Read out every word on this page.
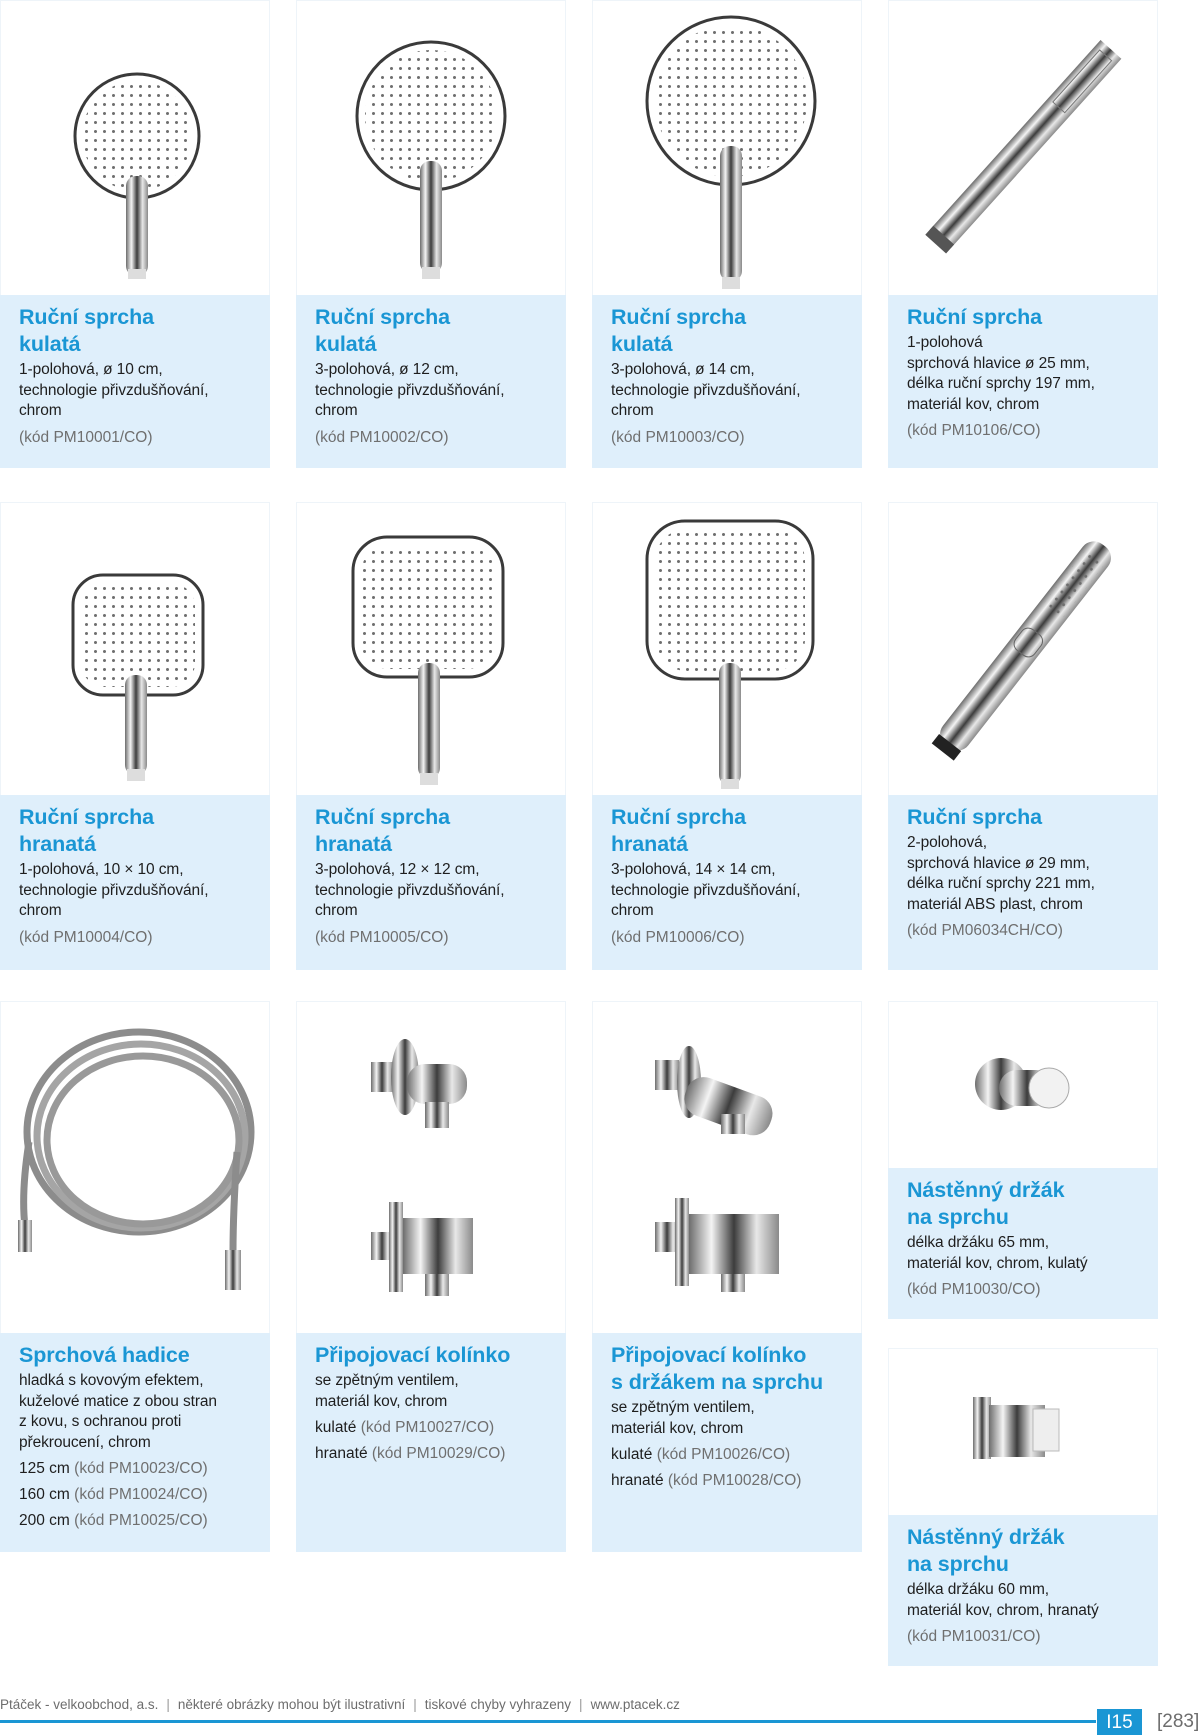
Ruční sprcha
kulatá
1-polohová, ø 10 cm,
technologie přivzdušňování,
chrom
(kód PM10001/CO)
Ruční sprcha
kulatá
3-polohová, ø 12 cm,
technologie přivzdušňování,
chrom
(kód PM10002/CO)
Ruční sprcha
kulatá
3-polohová, ø 14 cm,
technologie přivzdušňování,
chrom
(kód PM10003/CO)
Ruční sprcha
1-polohová
sprchová hlavice ø 25 mm,
délka ruční sprchy 197 mm,
materiál kov, chrom
(kód PM10106/CO)
Ruční sprcha
hranatá
1-polohová, 10 × 10 cm,
technologie přivzdušňování,
chrom
(kód PM10004/CO)
Ruční sprcha
hranatá
3-polohová, 12 × 12 cm,
technologie přivzdušňování,
chrom
(kód PM10005/CO)
Ruční sprcha
hranatá
3-polohová, 14 × 14 cm,
technologie přivzdušňování,
chrom
(kód PM10006/CO)
Ruční sprcha
2-polohová,
sprchová hlavice ø 29 mm,
délka ruční sprchy 221 mm,
materiál ABS plast, chrom
(kód PM06034CH/CO)
Sprchová hadice
hladká s kovovým efektem,
kuželové matice z obou stran
z kovu, s ochranou proti
překroucení, chrom
125 cm (kód PM10023/CO)
160 cm (kód PM10024/CO)
200 cm (kód PM10025/CO)
Připojovací kolínko
se zpětným ventilem,
materiál kov, chrom
kulaté (kód PM10027/CO)
hranaté (kód PM10029/CO)
Připojovací kolínko
s držákem na sprchu
se zpětným ventilem,
materiál kov, chrom
kulaté (kód PM10026/CO)
hranaté (kód PM10028/CO)
Nástěnný držák
na sprchu
délka držáku 65 mm,
materiál kov, chrom, kulatý
(kód PM10030/CO)
Nástěnný držák
na sprchu
délka držáku 60 mm,
materiál kov, chrom, hranatý
(kód PM10031/CO)
Ptáček - velkoobchod, a.s. | některé obrázky mohou být ilustrativní | tiskové chyby vyhrazeny | www.ptacek.cz
I15	[283]
